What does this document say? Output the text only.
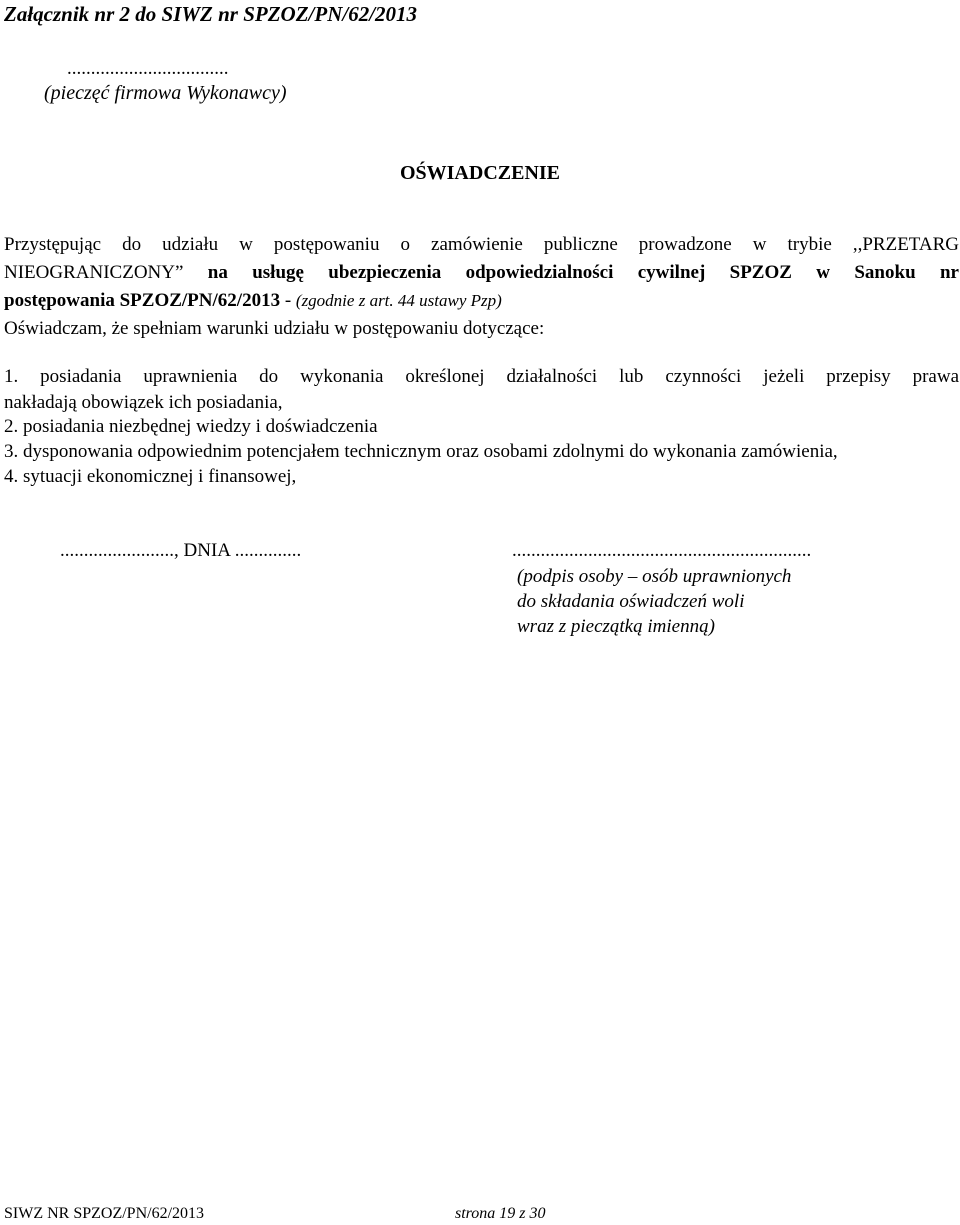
Załącznik nr 2 do SIWZ nr SPZOZ/PN/62/2013
..................................
(pieczęć firmowa Wykonawcy)
OŚWIADCZENIE
Przystępując do udziału w postępowaniu o zamówienie publiczne prowadzone w trybie ,,PRZETARG
NIEOGRANICZONY” na usługę ubezpieczenia odpowiedzialności cywilnej SPZOZ w Sanoku nr
postępowania SPZOZ/PN/62/2013 - (zgodnie z art. 44 ustawy Pzp)
Oświadczam, że spełniam warunki udziału w postępowaniu dotyczące:
1. posiadania uprawnienia do wykonania określonej działalności lub czynności jeżeli przepisy prawa
nakładają obowiązek ich posiadania,
2. posiadania niezbędnej wiedzy i doświadczenia
3. dysponowania odpowiednim potencjałem technicznym oraz osobami zdolnymi do wykonania zamówienia,
4. sytuacji ekonomicznej i finansowej,
........................, DNIA ..............	...............................................................
(podpis osoby – osób uprawnionych
do składania oświadczeń woli
wraz z pieczątką imienną)
SIWZ NR SPZOZ/PN/62/2013	strona 19 z 30
